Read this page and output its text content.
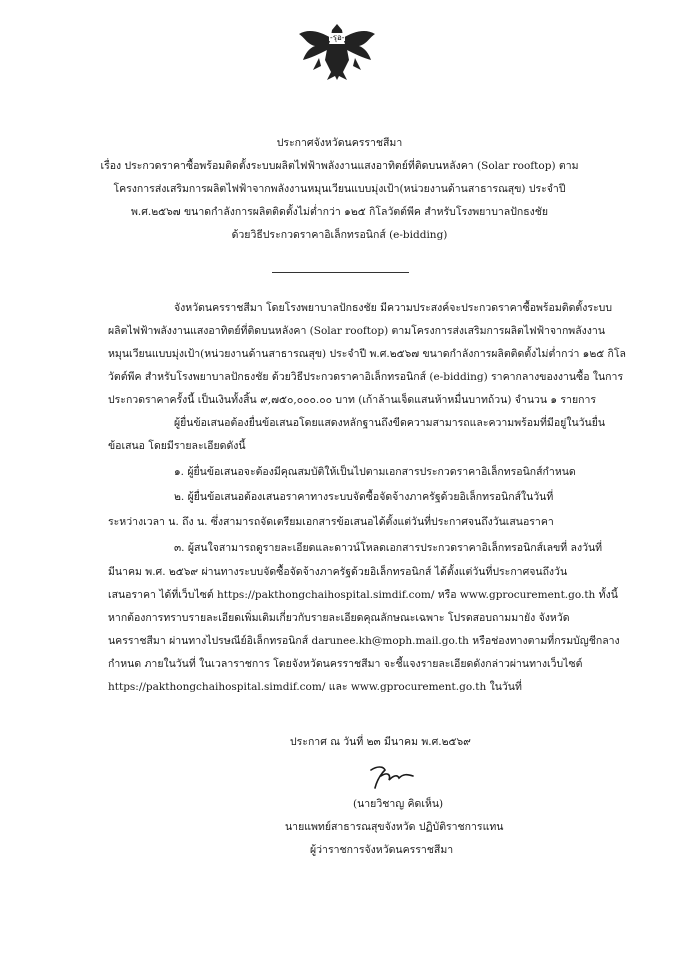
-รุอ-
ประกาศจังหวัดนครราชสีมา
เรื่อง ประกวดราคาซื้อพร้อมติดตั้งระบบผลิตไฟฟ้าพลังงานแสงอาทิตย์ที่ติดบนหลังคา (Solar rooftop) ตาม
โครงการส่งเสริมการผลิตไฟฟ้าจากพลังงานหมุนเวียนแบบมุ่งเป้า(หน่วยงานด้านสาธารณสุข) ประจำปี
พ.ศ.๒๕๖๗ ขนาดกำลังการผลิตติดตั้งไม่ต่ำกว่า ๑๒๕ กิโลวัตต์พีค สำหรับโรงพยาบาลปักธงชัย
ด้วยวิธีประกวดราคาอิเล็กทรอนิกส์ (e-bidding)
จังหวัดนครราชสีมา โดยโรงพยาบาลปักธงชัย มีความประสงค์จะประกวดราคาซื้อพร้อมติดตั้งระบบ
ผลิตไฟฟ้าพลังงานแสงอาทิตย์ที่ติดบนหลังคา (Solar rooftop) ตามโครงการส่งเสริมการผลิตไฟฟ้าจากพลังงาน
หมุนเวียนแบบมุ่งเป้า(หน่วยงานด้านสาธารณสุข) ประจำปี พ.ศ.๒๕๖๗ ขนาดกำลังการผลิตติดตั้งไม่ต่ำกว่า ๑๒๕ กิโล
วัตต์พีค สำหรับโรงพยาบาลปักธงชัย ด้วยวิธีประกวดราคาอิเล็กทรอนิกส์ (e-bidding) ราคากลางของงานซื้อ ในการ
ประกวดราคาครั้งนี้ เป็นเงินทั้งสิ้น ๙,๗๕๐,๐๐๐.๐๐ บาท (เก้าล้านเจ็ดแสนห้าหมื่นบาทถ้วน) จำนวน ๑ รายการ
ผู้ยื่นข้อเสนอต้องยื่นข้อเสนอโดยแสดงหลักฐานถึงขีดความสามารถและความพร้อมที่มีอยู่ในวันยื่น
ข้อเสนอ โดยมีรายละเอียดดังนี้
๑. ผู้ยื่นข้อเสนอจะต้องมีคุณสมบัติให้เป็นไปตามเอกสารประกวดราคาอิเล็กทรอนิกส์กำหนด
๒. ผู้ยื่นข้อเสนอต้องเสนอราคาทางระบบจัดซื้อจัดจ้างภาครัฐด้วยอิเล็กทรอนิกส์ในวันที่
ระหว่างเวลา น. ถึง น. ซึ่งสามารถจัดเตรียมเอกสารข้อเสนอได้ตั้งแต่วันที่ประกาศจนถึงวันเสนอราคา
๓. ผู้สนใจสามารถดูรายละเอียดและดาวน์โหลดเอกสารประกวดราคาอิเล็กทรอนิกส์เลขที่ ลงวันที่
มีนาคม พ.ศ. ๒๕๖๙ ผ่านทางระบบจัดซื้อจัดจ้างภาครัฐด้วยอิเล็กทรอนิกส์ ได้ตั้งแต่วันที่ประกาศจนถึงวัน
เสนอราคา ได้ที่เว็บไซต์ https://pakthongchaihospital.simdif.com/ หรือ www.gprocurement.go.th ทั้งนี้
หากต้องการทราบรายละเอียดเพิ่มเติมเกี่ยวกับรายละเอียดคุณลักษณะเฉพาะ โปรดสอบถามมายัง จังหวัด
นครราชสีมา ผ่านทางไปรษณีย์อิเล็กทรอนิกส์ darunee.kh@moph.mail.go.th หรือช่องทางตามที่กรมบัญชีกลาง
กำหนด ภายในวันที่ ในเวลาราชการ โดยจังหวัดนครราชสีมา จะชี้แจงรายละเอียดดังกล่าวผ่านทางเว็บไซต์
https://pakthongchaihospital.simdif.com/ และ www.gprocurement.go.th ในวันที่
ประกาศ ณ วันที่ ๒๓ มีนาคม พ.ศ.๒๕๖๙
(นายวิชาญ คิดเห็น)
นายแพทย์สาธารณสุขจังหวัด ปฏิบัติราชการแทน
ผู้ว่าราชการจังหวัดนครราชสีมา
